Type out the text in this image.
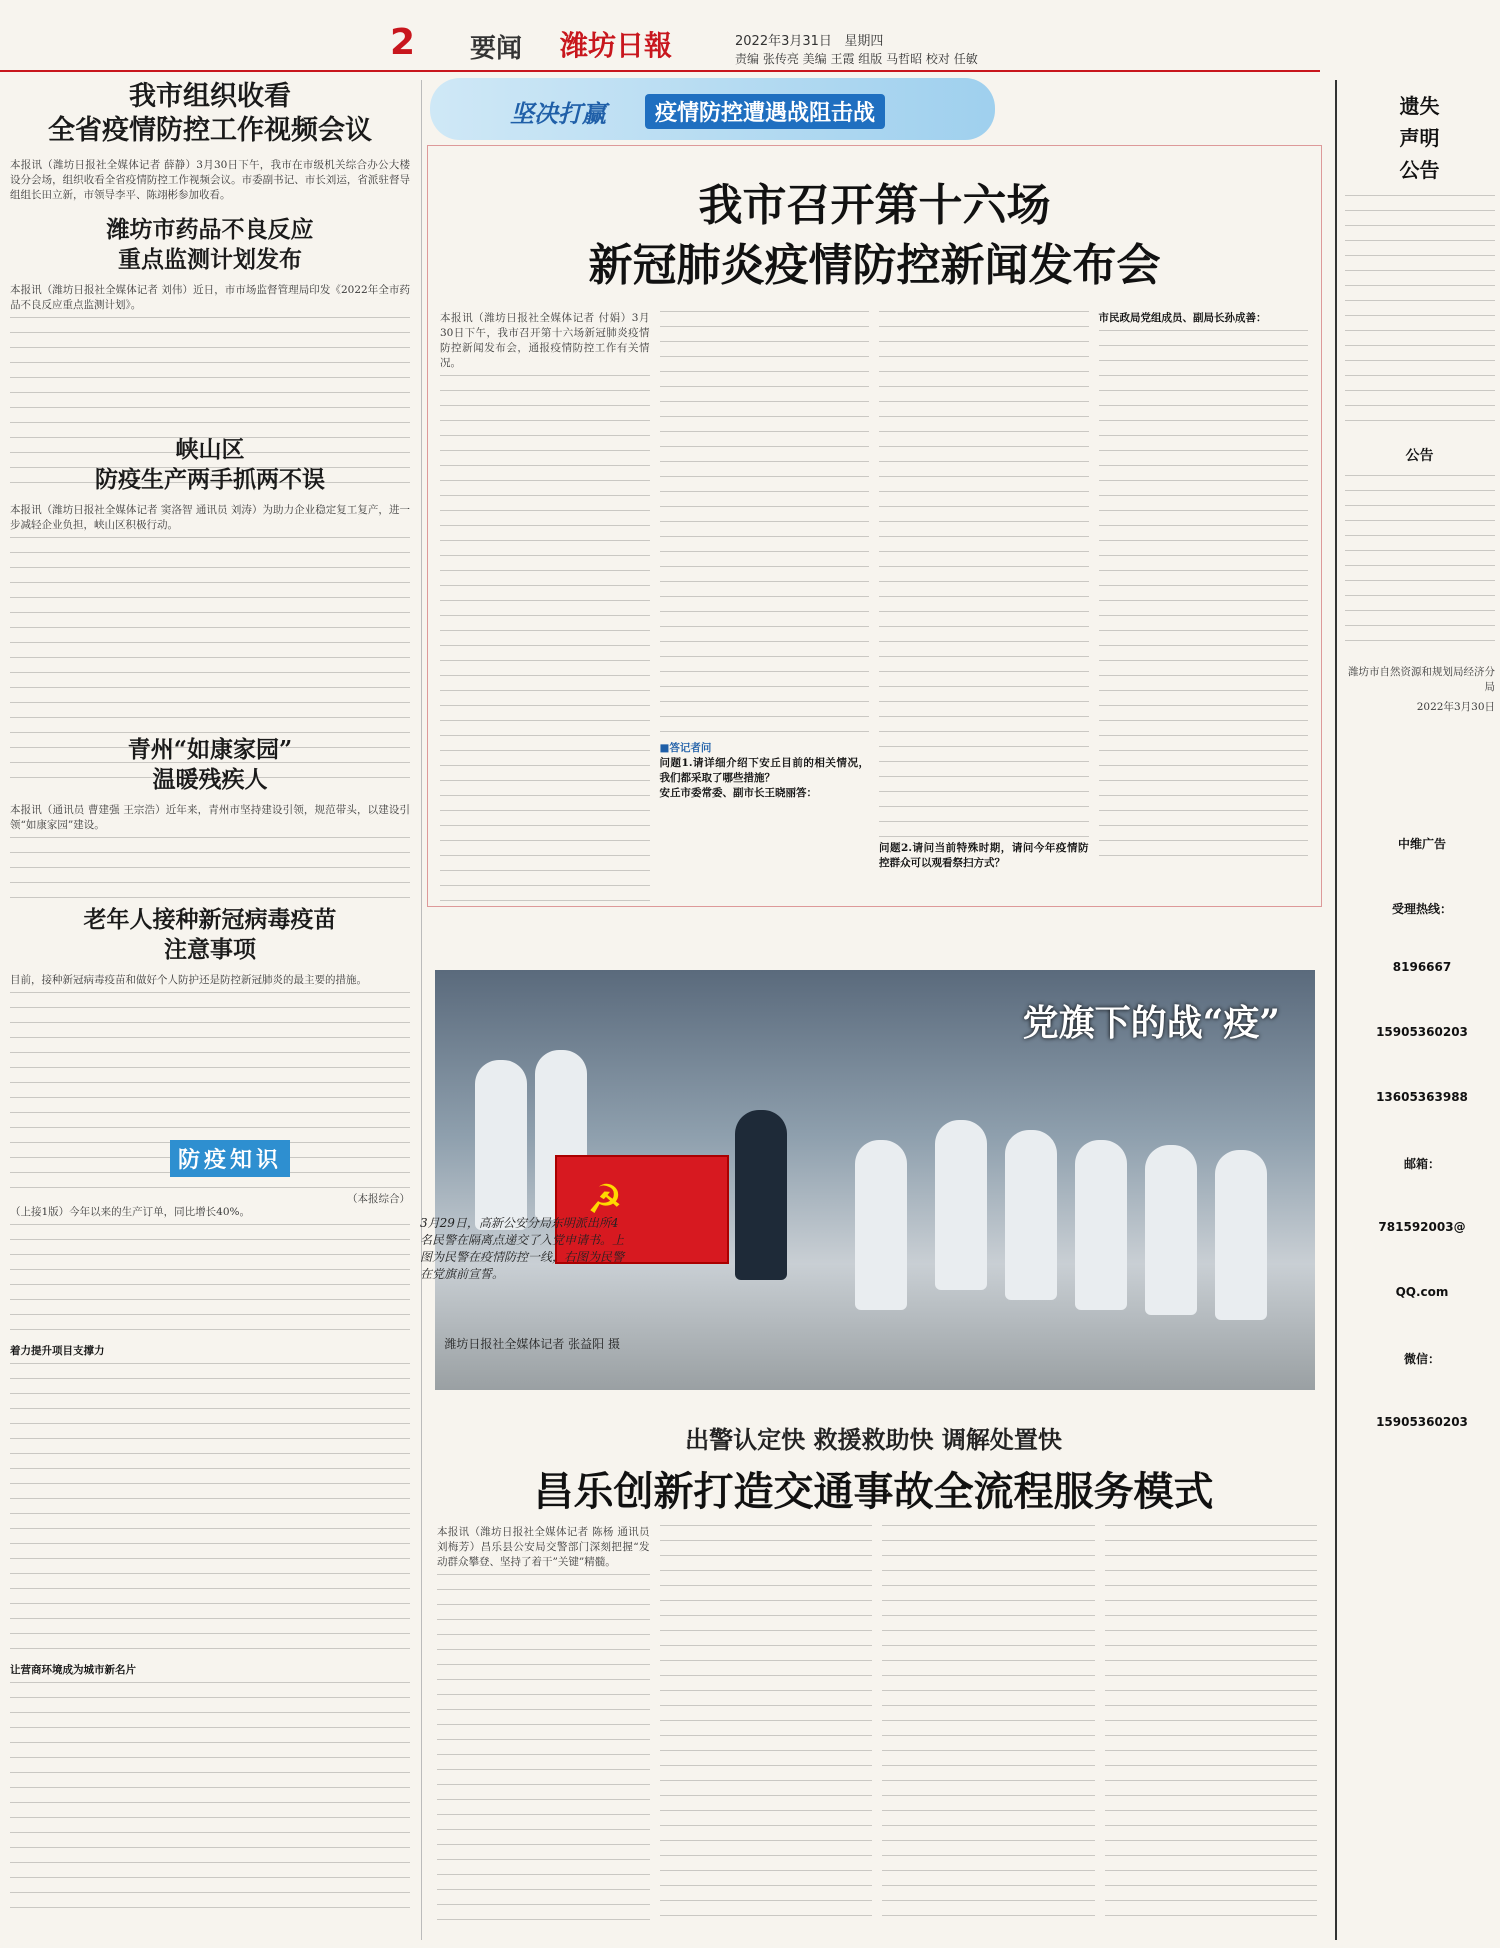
2 要闻 潍坊日報	2022年3月31日 星期四
责编 张传亮 美编 王霞 组版 马哲昭 校对 任敏
我市组织收看
全省疫情防控工作视频会议
本报讯（潍坊日报社全媒体记者 薛静）3月30日下午，我市在市级机关综合办公大楼设分会场，组织收看全省疫情防控工作视频会议。市委副书记、市长刘运，省派驻督导组组长田立新，市领导李平、陈翊彬参加收看。
潍坊市药品不良反应
重点监测计划发布
本报讯（潍坊日报社全媒体记者 刘伟）近日，市市场监督管理局印发《2022年全市药品不良反应重点监测计划》。
峡山区
防疫生产两手抓两不误
本报讯（潍坊日报社全媒体记者 窦洛智 通讯员 刘涛）为助力企业稳定复工复产，进一步减轻企业负担，峡山区积极行动。
青州“如康家园”
温暖残疾人
本报讯（通讯员 曹建强 王宗浩）近年来，青州市坚持建设引领，规范带头，以建设引领“如康家园”建设。
老年人接种新冠病毒疫苗
注意事项
目前，接种新冠病毒疫苗和做好个人防护还是防控新冠肺炎的最主要的措施。
（本报综合）
防疫知识
（上接1版）今年以来的生产订单，同比增长40%。
着力提升项目支撑力
让营商环境成为城市新名片
坚决打赢	疫情防控遭遇战阻击战
我市召开第十六场
新冠肺炎疫情防控新闻发布会
本报讯（潍坊日报社全媒体记者 付娟）3月30日下午，我市召开第十六场新冠肺炎疫情防控新闻发布会，通报疫情防控工作有关情况。
■答记者问
问题1.请详细介绍下安丘目前的相关情况，我们都采取了哪些措施？
安丘市委常委、副市长王晓丽答：
问题2.请问当前特殊时期，请问今年疫情防控群众可以观看祭扫方式？
市民政局党组成员、副局长孙成善：
党旗下的战“疫”
☭
3月29日，高新公安分局东明派出所4名民警在隔离点递交了入党申请书。上图为民警在疫情防控一线，右图为民警在党旗前宣誓。
潍坊日报社全媒体记者 张益阳 摄
出警认定快 救援救助快 调解处置快
昌乐创新打造交通事故全流程服务模式
本报讯（潍坊日报社全媒体记者 陈杨 通讯员 刘梅芳）昌乐县公安局交警部门深刻把握“发动群众攀登、坚持了着干”关键”精髓。
遗失
声明
公告
公告
潍坊市自然资源和规划局经济分局
2022年3月30日
中维广告
受理热线：
8196667
15905360203
13605363988
邮箱：
781592003@
QQ.com
微信：
15905360203
